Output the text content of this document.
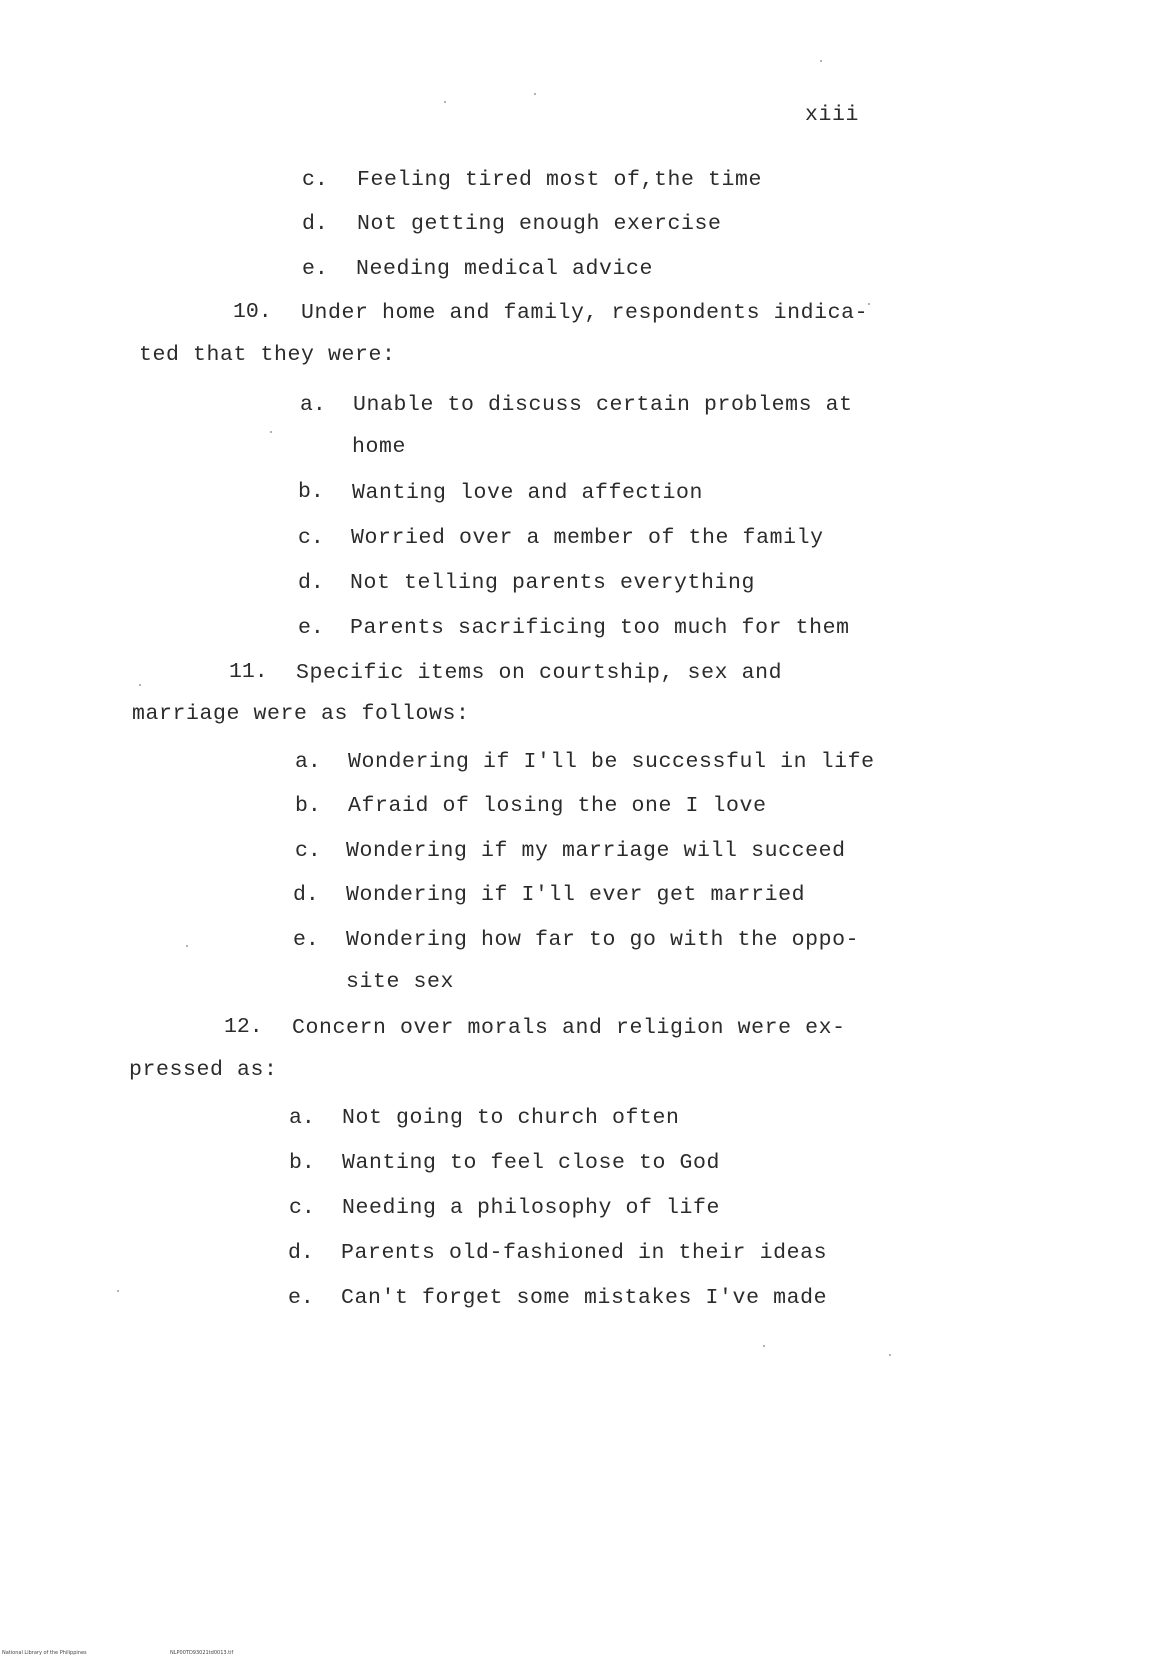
xiii
c. Feeling tired most of,the time
d. Not getting enough exercise
e. Needing medical advice
10. Under home and family, respondents indica-
ted that they were:
a. Unable to discuss certain problems at
home
b. Wanting love and affection
c. Worried over a member of the family
d. Not telling parents everything
e. Parents sacrificing too much for them
11. Specific items on courtship, sex and
marriage were as follows:
a. Wondering if I'll be successful in life
b. Afraid of losing the one I love
c. Wondering if my marriage will succeed
d. Wondering if I'll ever get married
e. Wondering how far to go with the oppo-
site sex
12. Concern over morals and religion were ex-
pressed as:
a. Not going to church often
b. Wanting to feel close to God
c. Needing a philosophy of life
d. Parents old-fashioned in their ideas
e. Can't forget some mistakes I've made
National Library of the Philippines	NLP00TD93021td0013.tif
